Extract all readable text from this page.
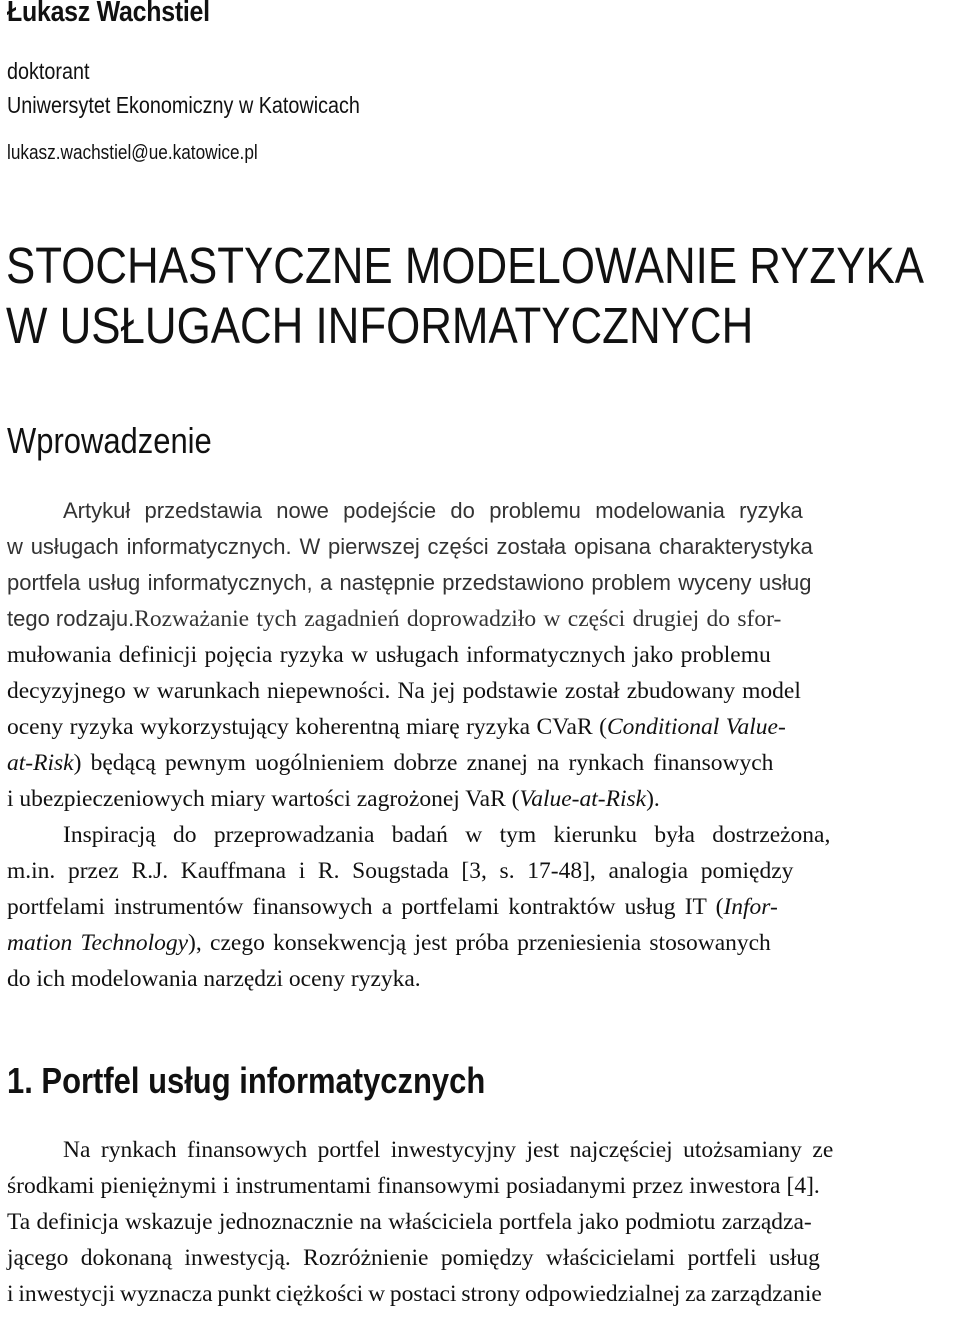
Łukasz Wachstiel
doktorant
Uniwersytet Ekonomiczny w Katowicach
lukasz.wachstiel@ue.katowice.pl
STOCHASTYCZNE MODELOWANIE RYZYKA
W USŁUGACH INFORMATYCZNYCH
Wprowadzenie
Artykuł przedstawia nowe podejście do problemu modelowania ryzyka
w usługach informatycznych. W pierwszej części została opisana charakterystyka
portfela usług informatycznych, a następnie przedstawiono problem wyceny usług
tego rodzaju.Rozważanie tych zagadnień doprowadziło w części drugiej do sfor-
mułowania definicji pojęcia ryzyka w usługach informatycznych jako problemu
decyzyjnego w warunkach niepewności. Na jej podstawie został zbudowany model
oceny ryzyka wykorzystujący koherentną miarę ryzyka CVaR (Conditional Value-
at-Risk) będącą pewnym uogólnieniem dobrze znanej na rynkach finansowych
i ubezpieczeniowych miary wartości zagrożonej VaR (Value-at-Risk).
Inspiracją do przeprowadzania badań w tym kierunku była dostrzeżona,
m.in. przez R.J. Kauffmana i R. Sougstada [3, s. 17-48], analogia pomiędzy
portfelami instrumentów finansowych a portfelami kontraktów usług IT (Infor-
mation Technology), czego konsekwencją jest próba przeniesienia stosowanych
do ich modelowania narzędzi oceny ryzyka.
1. Portfel usług informatycznych
Na rynkach finansowych portfel inwestycyjny jest najczęściej utożsamiany ze
środkami pieniężnymi i instrumentami finansowymi posiadanymi przez inwestora [4].
Ta definicja wskazuje jednoznacznie na właściciela portfela jako podmiotu zarządza-
jącego dokonaną inwestycją. Rozróżnienie pomiędzy właścicielami portfeli usług
i inwestycji wyznacza punkt ciężkości w postaci strony odpowiedzialnej za zarządzanie
